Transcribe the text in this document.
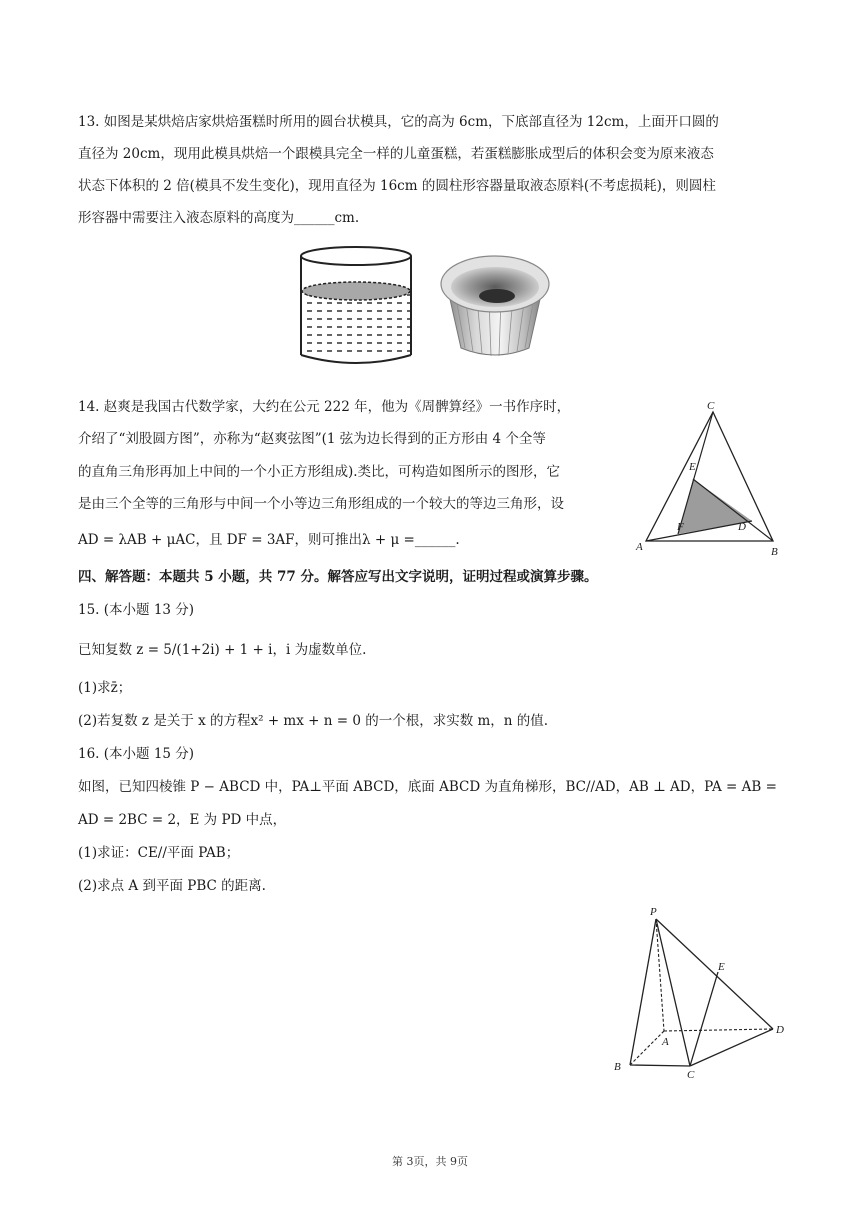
13. 如图是某烘焙店家烘焙蛋糕时所用的圆台状模具，它的高为 6cm，下底部直径为 12cm，上面开口圆的
直径为 20cm，现用此模具烘焙一个跟模具完全一样的儿童蛋糕，若蛋糕膨胀成型后的体积会变为原来液态
状态下体积的 2 倍(模具不发生变化)，现用直径为 16cm 的圆柱形容器量取液态原料(不考虑损耗)，则圆柱
形容器中需要注入液态原料的高度为______cm.
14. 赵爽是我国古代数学家，大约在公元 222 年，他为《周髀算经》一书作序时，
介绍了“刘股圆方图”，亦称为“赵爽弦图”(1 弦为边长得到的正方形由 4 个全等
的直角三角形再加上中间的一个小正方形组成).类比，可构造如图所示的图形，它
是由三个全等的三角形与中间一个小等边三角形组成的一个较大的等边三角形，设
AD = λAB + μAC，且 DF = 3AF，则可推出λ + μ =______.
C
A	B
E
F	D
四、解答题：本题共 5 小题，共 77 分。解答应写出文字说明，证明过程或演算步骤。
15. (本小题 13 分)
已知复数 z = 5/(1+2i) + 1 + i，i 为虚数单位.
(1)求z̄；
(2)若复数 z 是关于 x 的方程x² + mx + n = 0 的一个根，求实数 m，n 的值.
16. (本小题 15 分)
如图，已知四棱锥 P − ABCD 中，PA⊥平面 ABCD，底面 ABCD 为直角梯形，BC//AD，AB ⊥ AD，PA = AB =
AD = 2BC = 2，E 为 PD 中点，
(1)求证：CE//平面 PAB；
(2)求点 A 到平面 PBC 的距离.
P
E
A
B
C
D
第 3页，共 9页
